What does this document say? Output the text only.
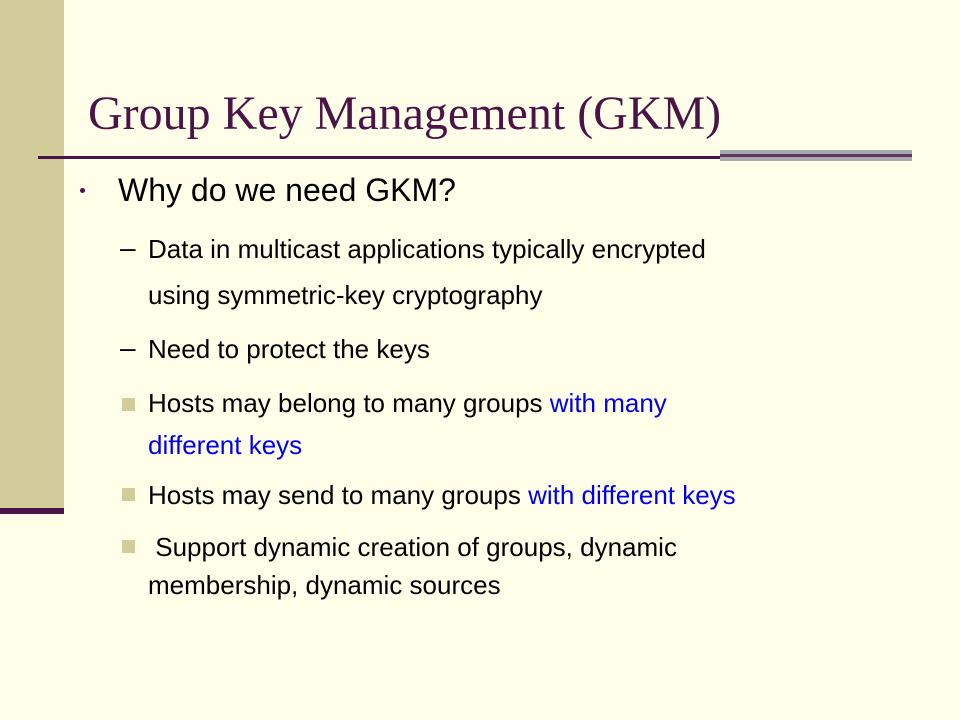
Group Key Management (GKM)
Why do we need GKM?
– Data in multicast applications typically encrypted
using symmetric-key cryptography
– Need to protect the keys
Hosts may belong to many groups with many
different keys
Hosts may send to many groups with different keys
Support dynamic creation of groups, dynamic
membership, dynamic sources
